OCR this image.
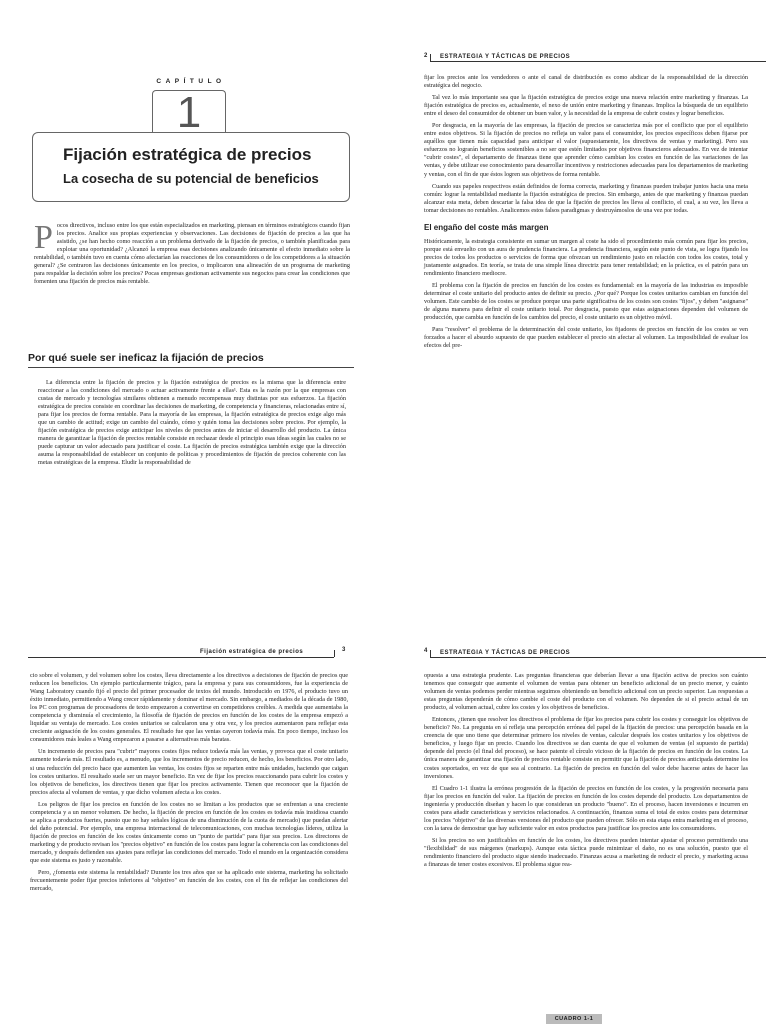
CAPÍTULO
1
Fijación estratégica de precios
La cosecha de su potencial de beneficios

Pocos directivos, incluso entre los que están especializados en marketing, piensan en términos estratégicos cuando fijan los precios. Analice sus propias experiencias y observaciones. Las decisiones de fijación de precios a las que ha asistido, ¿se han hecho como reacción a un problema derivado de la fijación de precios, o también planificadas para explotar una oportunidad? ¿Alcanzó la empresa esas decisiones analizando únicamente el efecto inmediato sobre la rentabilidad, o también tuvo en cuenta cómo afectarían las reacciones de los consumidores o de los competidores a la situación general? ¿Se centraron las decisiones únicamente en los precios, o implicaron una alineación de un programa de marketing para respaldar la decisión sobre los precios? Pocas empresas gestionan activamente sus negocios para crear las condiciones que fomenten una fijación de precios más rentable.

Por qué suele ser ineficaz la fijación de precios

La diferencia entre la fijación de precios y la fijación estratégica de precios es la misma que la diferencia entre reaccionar a las condiciones del mercado o actuar activamente frente a ellas¹. Esta es la razón por la que empresas con custas de mercado y tecnologías similares obtienen a menudo recompensas muy distintas por sus esfuerzos. La fijación estratégica de precios consiste en coordinar las decisiones de marketing, de competencia y financieras, relacionadas entre sí, para fijar los precios de forma rentable. Para la mayoría de las empresas, la fijación estratégica de precios exige algo más que un cambio de actitud; exige un cambio del cuándo, cómo y quién toma las decisiones sobre precios. Por ejemplo, la fijación estratégica de precios exige anticipar los niveles de precios antes de iniciar el desarrollo del producto. La única manera de garantizar la fijación de precios rentable consiste en rechazar desde el principio esas ideas según las cuales no se puede capturar un valor adecuado para justificar el coste. La fijación de precios estratégica también exige que la dirección asuma la responsabilidad de establecer un conjunto de políticas y procedimientos de fijación de precios coherente con las metas estratégicas de la empresa. Eludir la responsabilidad de

2 ESTRATEGIA Y TÁCTICAS DE PRECIOS

fijar los precios ante los vendedores o ante el canal de distribución es como abdicar de la responsabilidad de la dirección estratégica del negocio.

Tal vez lo más importante sea que la fijación estratégica de precios exige una nueva relación entre marketing y finanzas. La fijación estratégica de precios es, actualmente, el nexo de unión entre marketing y finanzas. Implica la búsqueda de un equilibrio entre el deseo del consumidor de obtener un buen valor, y la necesidad de la empresa de cubrir costes y lograr beneficios.

Por desgracia, en la mayoría de las empresas, la fijación de precios se caracteriza más por el conflicto que por el equilibrio entre estos objetivos. Si la fijación de precios no refleja un valor para el consumidor, los precios específicos deben fijarse por aquéllos que tienen más capacidad para anticipar el valor (supuestamente, los directivos de ventas y marketing). Pero sus esfuerzos no lograrán beneficios sostenibles a no ser que estén limitados por objetivos financieros adecuados. En vez de intentar "cubrir costes", el departamento de finanzas tiene que aprender cómo cambian los costes en función de las variaciones de las ventas, y debe utilizar ese conocimiento para desarrollar incentivos y restricciones adecuadas para los departamentos de marketing y ventas, con el fin de que éstos logren sus objetivos de forma rentable.

Cuando sus papeles respectivos están definidos de forma correcta, marketing y finanzas pueden trabajar juntos hacia una meta común: lograr la rentabilidad mediante la fijación estratégica de precios. Sin embargo, antes de que marketing y finanzas puedan alcanzar esta meta, deben descartar la falsa idea de que la fijación de precios les lleva al conflicto, el cual, a su vez, les lleva a tomar decisiones no rentables. Analicemos estos falsos paradigmas y destruyámoslos de una vez por todas.

El engaño del coste más margen

Históricamente, la estrategia consistente en sumar un margen al coste ha sido el procedimiento más común para fijar los precios, porque está envuelto con un aura de prudencia financiera. La prudencia financiera, según este punto de vista, se logra fijando los precios de todos los productos o servicios de forma que ofrezcan un rendimiento justo en relación con todos los costes, total y justamente asignados. En teoría, se trata de una simple línea directriz para tener rentabilidad; en la práctica, es el patrón para un rendimiento financiero mediocre.

El problema con la fijación de precios en función de los costes es fundamental: en la mayoría de las industrias es imposible determinar el coste unitario del producto antes de definir su precio. ¿Por qué? Porque los costes unitarios cambian en función del volumen. Este cambio de los costes se produce porque una parte significativa de los costes son costes "fijos", y deben "asignarse" de alguna manera para definir el coste unitario total. Por desgracia, puesto que estas asignaciones dependen del volumen de producción, que cambia en función de los cambios del precio, el coste unitario es un objetivo móvil.

Para "resolver" el problema de la determinación del coste unitario, los fijadores de precios en función de los costes se ven forzados a hacer el absurdo supuesto de que pueden establecer el precio sin afectar al volumen. La imposibilidad de evaluar los efectos del pre-

Fijación estratégica de precios	3

cio sobre el volumen, y del volumen sobre los costes, lleva directamente a los directivos a decisiones de fijación de precios que reducen los beneficios. Un ejemplo particularmente trágico, para la empresa y para sus consumidores, fue la experiencia de Wang Laboratory cuando fijó el precio del primer procesador de textos del mundo. Introducido en 1976, el producto tuvo un éxito inmediato, permitiendo a Wang crecer rápidamente y dominar el mercado. Sin embargo, a mediados de la década de 1980, los PC con programas de procesadores de texto empezaron a convertirse en competidores creíbles. A medida que aumentaba la competencia y disminuía el crecimiento, la filosofía de fijación de precios en función de los costes de la empresa empezó a liquidar su ventaja de mercado. Los costes unitarios se calcularon una y otra vez, y los precios aumentaron para reflejar esta creciente asignación de los costes generales. El resultado fue que las ventas cayeron todavía más. En poco tiempo, incluso los consumidores más leales a Wang empezaron a pasarse a alternativas más baratas.

Un incremento de precios para "cubrir" mayores costes fijos reduce todavía más las ventas, y provoca que el coste unitario aumente todavía más. El resultado es, a menudo, que los incrementos de precio reducen, de hecho, los beneficios. Por otro lado, si una reducción del precio hace que aumenten las ventas, los costes fijos se reparten entre más unidades, haciendo que caigan los costes unitarios. El resultado suele ser un mayor beneficio. En vez de fijar los precios reaccionando para cubrir los costes y los objetivos de beneficios, los directivos tienen que fijar los precios activamente. Tienen que reconocer que la fijación de precios afecta al volumen de ventas, y que dicho volumen afecta a los costes.

Los peligros de fijar los precios en función de los costes no se limitan a los productos que se enfrentan a una creciente competencia y a un menor volumen. De hecho, la fijación de precios en función de los costes es todavía más insidiosa cuando se aplica a productos fuertes, puesto que no hay señales lógicas de una disminución de la cuota de mercado) que puedan alertar del daño potencial. Por ejemplo, una empresa internacional de telecomunicaciones, con muchas tecnologías líderes, utiliza la fijación de precios en función de los costes únicamente como un "punto de partida" para fijar sus precios. Los directores de marketing y de producto revisan los "precios objetivo" en función de los costes para lograr la coherencia con las condiciones del mercado, y después defienden sus ajustes para reflejar las condiciones del mercado. Todo el mundo en la organización considera que este sistema es justo y razonable.

Pero, ¿fomenta este sistema la rentabilidad? Durante los tres años que se ha aplicado este sistema, marketing ha solicitado frecuentemente poder fijar precios inferiores al "objetivo" en función de los costes, con el fin de reflejar las condiciones del mercado,

4 ESTRATEGIA Y TÁCTICAS DE PRECIOS

opuesta a una estrategia prudente. Las preguntas financieras que deberían llevar a una fijación activa de precios son cuánto tenemos que conseguir que aumente el volumen de ventas para obtener un beneficio adicional de un precio menor, y cuánto volumen de ventas podemos perder mientras seguimos obteniendo un beneficio adicional con un precio superior. Las respuestas a estas preguntas dependerán de cómo cambie el coste del producto con el volumen. No dependen de si el precio actual de un producto, al volumen actual, cubre los costes y los objetivos de beneficios.

Entonces, ¿tienen que resolver los directivos el problema de fijar los precios para cubrir los costes y conseguir los objetivos de beneficio? No. La pregunta en sí refleja una percepción errónea del papel de la fijación de precios: una percepción basada en la creencia de que uno tiene que determinar primero los niveles de ventas, calcular después los costes unitarios y los objetivos de beneficios, y luego fijar un precio. Cuando los directivos se dan cuenta de que el volumen de ventas (el supuesto de partida) depende del precio (el final del proceso), se hace patente el círculo vicioso de la fijación de precios en función de los costes. La única manera de garantizar una fijación de precios rentable consiste en permitir que la fijación de precios anticipada determine los costes soportados, en vez de que sea al contrario. La fijación de precios en función del valor debe hacerse antes de hacer las inversiones.

El Cuadro 1-1 ilustra la errónea progresión de la fijación de precios en función de los costes, y la progresión necesaria para fijar los precios en función del valor. La fijación de precios en función de los costes depende del producto. Los departamentos de ingeniería y producción diseñan y hacen lo que consideran un producto "bueno". En el proceso, hacen inversiones e incurren en costes para añadir características y servicios relacionados. A continuación, finanzas suma el total de estos costes para determinar los precios "objetivo" de las diversas versiones del producto que pueden ofrecer. Sólo en esta etapa entra marketing en el proceso, con la tarea de demostrar que hay suficiente valor en estos productos para justificar los precios ante los consumidores.

Si los precios no son justificables en función de los costes, los directivos pueden intentar ajustar el proceso permitiendo una "flexibilidad" de sus márgenes (markups). Aunque esta táctica puede minimizar el daño, no es una solución, puesto que el rendimiento financiero del producto sigue siendo inadecuado. Finanzas acusa a marketing de reducir el precio, y marketing acusa a finanzas de tener costes excesivos. El problema sigue rea-

CUADRO 1-1
